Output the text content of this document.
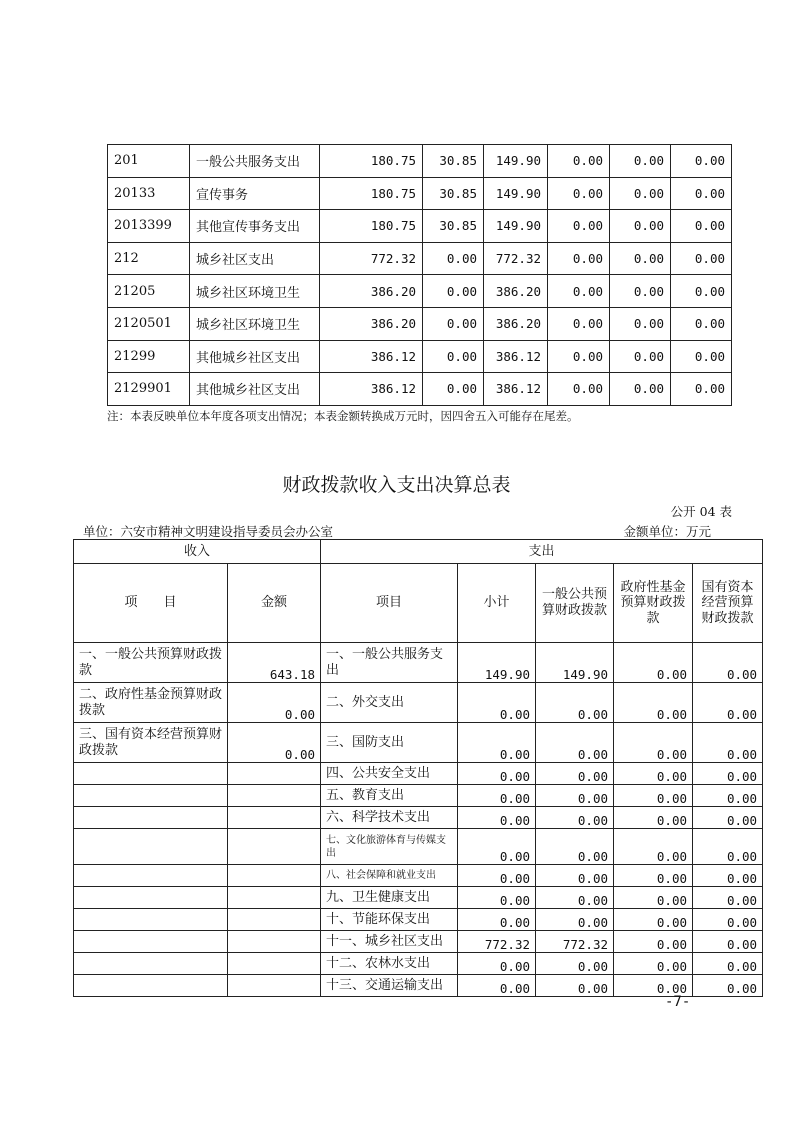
201	一般公共服务支出	180.75	30.85	149.90	0.00	0.00	0.00
20133	宣传事务	180.75	30.85	149.90	0.00	0.00	0.00
2013399	其他宣传事务支出	180.75	30.85	149.90	0.00	0.00	0.00
212	城乡社区支出	772.32	0.00	772.32	0.00	0.00	0.00
21205	城乡社区环境卫生	386.20	0.00	386.20	0.00	0.00	0.00
2120501	城乡社区环境卫生	386.20	0.00	386.20	0.00	0.00	0.00
21299	其他城乡社区支出	386.12	0.00	386.12	0.00	0.00	0.00
2129901	其他城乡社区支出	386.12	0.00	386.12	0.00	0.00	0.00
注：本表反映单位本年度各项支出情况；本表金额转换成万元时，因四舍五入可能存在尾差。
财政拨款收入支出决算总表
公开 04 表
单位：六安市精神文明建设指导委员会办公室	金额单位：万元
收入		支出				
项　　目	金额	项目	小计	一般公共预算财政拨款	政府性基金预算财政拨款	国有资本经营预算财政拨款
一、一般公共预算财政拨款	643.18	一、一般公共服务支出	149.90	149.90	0.00	0.00
二、政府性基金预算财政拨款	0.00	二、外交支出	0.00	0.00	0.00	0.00
三、国有资本经营预算财政拨款	0.00	三、国防支出	0.00	0.00	0.00	0.00
		四、公共安全支出	0.00	0.00	0.00	0.00
		五、教育支出	0.00	0.00	0.00	0.00
		六、科学技术支出	0.00	0.00	0.00	0.00
		七、文化旅游体育与传媒支出	0.00	0.00	0.00	0.00
		八、社会保障和就业支出	0.00	0.00	0.00	0.00
		九、卫生健康支出	0.00	0.00	0.00	0.00
		十、节能环保支出	0.00	0.00	0.00	0.00
		十一、城乡社区支出	772.32	772.32	0.00	0.00
		十二、农林水支出	0.00	0.00	0.00	0.00
		十三、交通运输支出	0.00	0.00	0.00	0.00
-7-
